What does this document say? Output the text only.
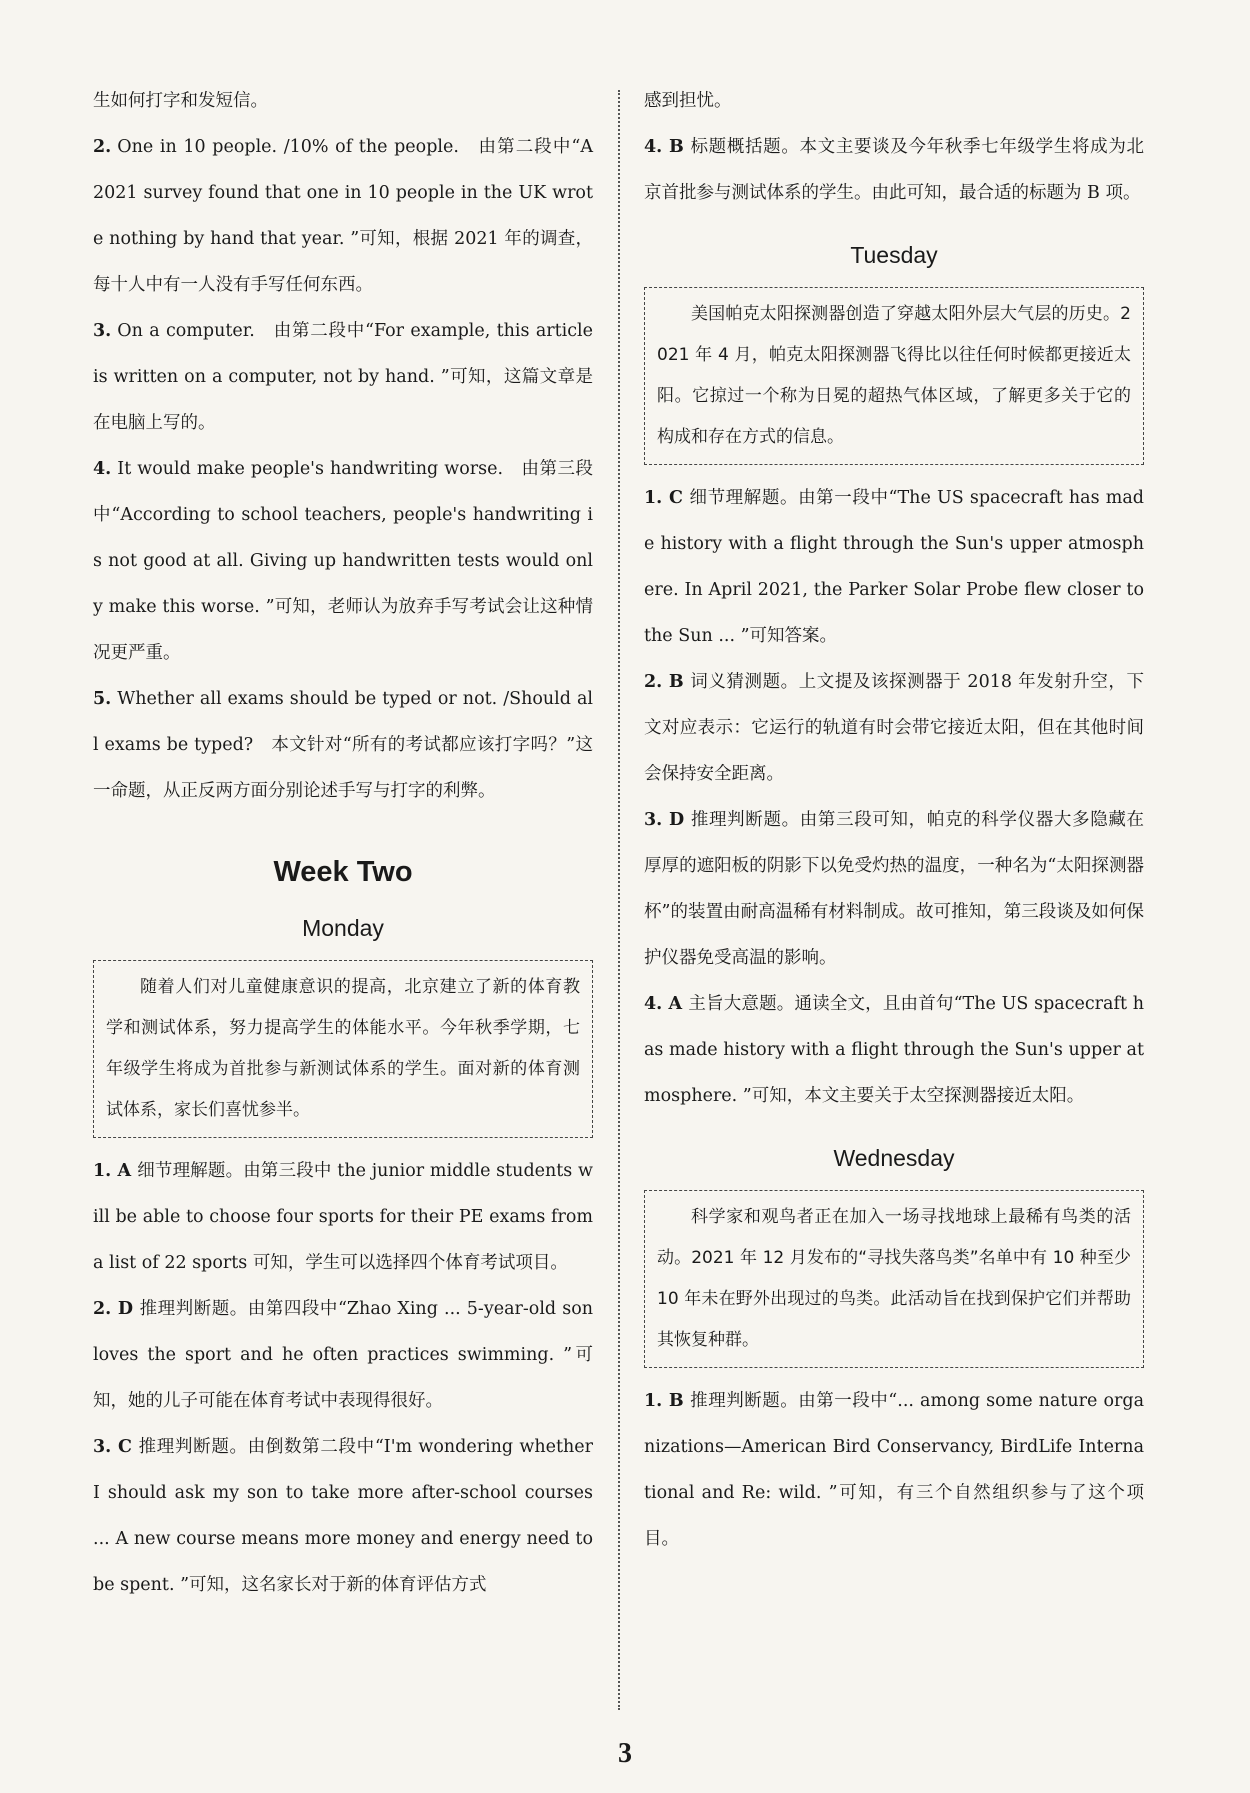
生如何打字和发短信。

2. One in 10 people. /10% of the people.　由第二段中“A 2021 survey found that one in 10 people in the UK wrote nothing by hand that year. ”可知，根据 2021 年的调查，每十人中有一人没有手写任何东西。

3. On a computer.　由第二段中“For example, this article is written on a computer, not by hand. ”可知，这篇文章是在电脑上写的。

4. It would make people's handwriting worse.　由第三段中“According to school teachers, people's handwriting is not good at all. Giving up handwritten tests would only make this worse. ”可知，老师认为放弃手写考试会让这种情况更严重。

5. Whether all exams should be typed or not. /Should all exams be typed?　本文针对“所有的考试都应该打字吗？”这一命题，从正反两方面分别论述手写与打字的利弊。

Week Two
Monday
随着人们对儿童健康意识的提高，北京建立了新的体育教学和测试体系，努力提高学生的体能水平。今年秋季学期，七年级学生将成为首批参与新测试体系的学生。面对新的体育测试体系，家长们喜忧参半。

1. A 细节理解题。由第三段中 the junior middle students will be able to choose four sports for their PE exams from a list of 22 sports 可知，学生可以选择四个体育考试项目。

2. D 推理判断题。由第四段中“Zhao Xing ... 5-year-old son loves the sport and he often practices swimming. ”可知，她的儿子可能在体育考试中表现得很好。

3. C 推理判断题。由倒数第二段中“I'm wondering whether I should ask my son to take more after-school courses ... A new course means more money and energy need to be spent. ”可知，这名家长对于新的体育评估方式

感到担忧。

4. B 标题概括题。本文主要谈及今年秋季七年级学生将成为北京首批参与测试体系的学生。由此可知，最合适的标题为 B 项。

Tuesday
美国帕克太阳探测器创造了穿越太阳外层大气层的历史。2021 年 4 月，帕克太阳探测器飞得比以往任何时候都更接近太阳。它掠过一个称为日冕的超热气体区域，了解更多关于它的构成和存在方式的信息。

1. C 细节理解题。由第一段中“The US spacecraft has made history with a flight through the Sun's upper atmosphere. In April 2021, the Parker Solar Probe flew closer to the Sun ... ”可知答案。

2. B 词义猜测题。上文提及该探测器于 2018 年发射升空，下文对应表示：它运行的轨道有时会带它接近太阳，但在其他时间会保持安全距离。

3. D 推理判断题。由第三段可知，帕克的科学仪器大多隐藏在厚厚的遮阳板的阴影下以免受灼热的温度，一种名为“太阳探测器杯”的装置由耐高温稀有材料制成。故可推知，第三段谈及如何保护仪器免受高温的影响。

4. A 主旨大意题。通读全文，且由首句“The US spacecraft has made history with a flight through the Sun's upper atmosphere. ”可知，本文主要关于太空探测器接近太阳。

Wednesday
科学家和观鸟者正在加入一场寻找地球上最稀有鸟类的活动。2021 年 12 月发布的“寻找失落鸟类”名单中有 10 种至少 10 年未在野外出现过的鸟类。此活动旨在找到保护它们并帮助其恢复种群。

1. B 推理判断题。由第一段中“... among some nature organizations—American Bird Conservancy, BirdLife International and Re: wild. ”可知，有三个自然组织参与了这个项目。

3
